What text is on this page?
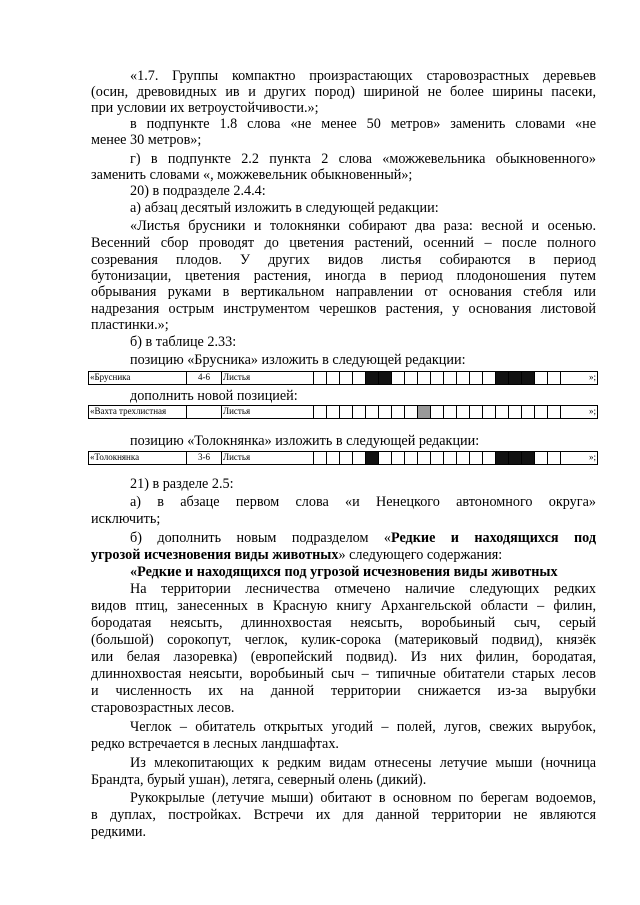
«1.7. Группы компактно произрастающих старовозрастных деревьев
(осин, древовидных ив и других пород) шириной не более ширины пасеки,
при условии их ветроустойчивости.»;
в подпункте 1.8 слова «не менее 50 метров» заменить словами «не
менее 30 метров»;
г) в подпункте 2.2 пункта 2 слова «можжевельника обыкновенного»
заменить словами «, можжевельник обыкновенный»;
20) в подразделе 2.4.4:
а) абзац десятый изложить в следующей редакции:
«Листья брусники и толокнянки собирают два раза: весной и осенью.
Весенний сбор проводят до цветения растений, осенний – после полного
созревания плодов. У других видов листья собираются в период
бутонизации, цветения растения, иногда в период плодоношения путем
обрывания руками в вертикальном направлении от основания стебля или
надрезания острым инструментом черешков растения, у основания листовой
пластинки.»;
б) в таблице 2.33:
позицию «Брусника» изложить в следующей редакции:
«Брусника	4-6	Листья																				»;
дополнить новой позицией:
«Вахта трехлистная		Листья																				»;
позицию «Толокнянка» изложить в следующей редакции:
«Толокнянка	3-6	Листья																				»;
21) в разделе 2.5:
а) в абзаце первом слова «и Ненецкого автономного округа»
исключить;
б) дополнить новым подразделом «Редкие и находящихся под
угрозой исчезновения виды животных» следующего содержания:
«Редкие и находящихся под угрозой исчезновения виды животных
На территории лесничества отмечено наличие следующих редких
видов птиц, занесенных в Красную книгу Архангельской области – филин,
бородатая неясыть, длиннохвостая неясыть, воробьиный сыч, серый
(большой) сорокопут, чеглок, кулик-сорока (материковый подвид), князёк
или белая лазоревка) (европейский подвид). Из них филин, бородатая,
длиннохвостая неясыти, воробьиный сыч – типичные обитатели старых лесов
и численность их на данной территории снижается из-за вырубки
старовозрастных лесов.
Чеглок – обитатель открытых угодий – полей, лугов, свежих вырубок,
редко встречается в лесных ландшафтах.
Из млекопитающих к редким видам отнесены летучие мыши (ночница
Брандта, бурый ушан), летяга, северный олень (дикий).
Рукокрылые (летучие мыши) обитают в основном по берегам водоемов,
в дуплах, постройках. Встречи их для данной территории не являются
редкими.
